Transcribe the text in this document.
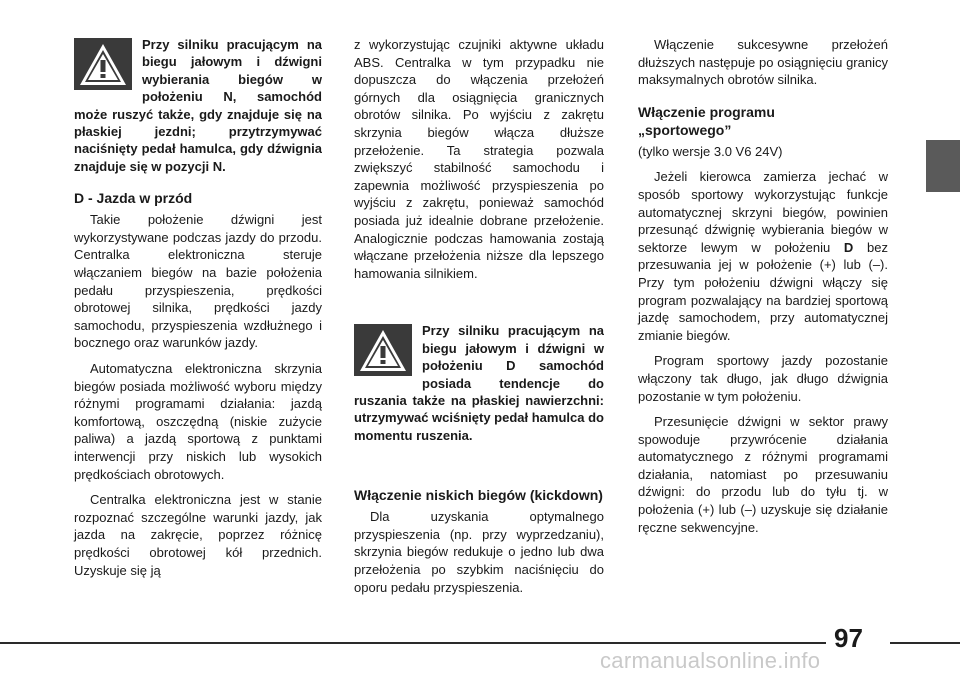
Przy silniku pracującym na biegu jałowym i dźwigni wybierania biegów w położeniu N, samochód może ruszyć także, gdy znajduje się na płaskiej jezdni; przytrzymywać naciśnięty pedał hamulca, gdy dźwignia znajduje się w pozycji N.
D - Jazda w przód

Takie położenie dźwigni jest wykorzystywane podczas jazdy do przodu. Centralka elektroniczna steruje włączaniem biegów na bazie położenia pedału przyspieszenia, prędkości obrotowej silnika, prędkości jazdy samochodu, przyspieszenia wzdłużnego i bocznego oraz warunków jazdy.

Automatyczna elektroniczna skrzynia biegów posiada możliwość wyboru między różnymi programami działania: jazdą komfortową, oszczędną (niskie zużycie paliwa) a jazdą sportową z punktami interwencji przy niskich lub wysokich prędkościach obrotowych.

Centralka elektroniczna jest w stanie rozpoznać szczególne warunki jazdy, jak jazda na zakręcie, poprzez różnicę prędkości obrotowej kół przednich. Uzyskuje się ją

z wykorzystując czujniki aktywne układu ABS. Centralka w tym przypadku nie dopuszcza do włączenia przełożeń górnych dla osiągnięcia granicznych obrotów silnika. Po wyjściu z zakrętu skrzynia biegów włącza dłuższe przełożenie. Ta strategia pozwala zwiększyć stabilność samochodu i zapewnia możliwość przyspieszenia po wyjściu z zakrętu, ponieważ samochód posiada już idealnie dobrane przełożenie. Analogicznie podczas hamowania zostają włączane przełożenia niższe dla lepszego hamowania silnikiem.

Przy silniku pracującym na biegu jałowym i dźwigni w położeniu D samochód posiada tendencje do ruszania także na płaskiej nawierzchni: utrzymywać wciśnięty pedał hamulca do momentu ruszenia.
Włączenie niskich biegów (kickdown)

Dla uzyskania optymalnego przyspieszenia (np. przy wyprzedzaniu), skrzynia biegów redukuje o jedno lub dwa przełożenia po szybkim naciśnięciu do oporu pedału przyspieszenia.

Włączenie sukcesywne przełożeń dłuższych następuje po osiągnięciu granicy maksymalnych obrotów silnika.

Włączenie programu „sportowego”
(tylko wersje 3.0 V6 24V)

Jeżeli kierowca zamierza jechać w sposób sportowy wykorzystując funkcje automatycznej skrzyni biegów, powinien przesunąć dźwignię wybierania biegów w sektorze lewym w położeniu D bez przesuwania jej w położenie (+) lub (–). Przy tym położeniu dźwigni włączy się program pozwalający na bardziej sportową jazdę samochodem, przy automatycznej zmianie biegów.

Program sportowy jazdy pozostanie włączony tak długo, jak długo dźwignia pozostanie w tym położeniu.

Przesunięcie dźwigni w sektor prawy spowoduje przywrócenie działania automatycznego z różnymi programami działania, natomiast po przesuwaniu dźwigni: do przodu lub do tyłu tj. w położenia (+) lub (–) uzyskuje się działanie ręczne sekwencyjne.

97
carmanualsonline.info
